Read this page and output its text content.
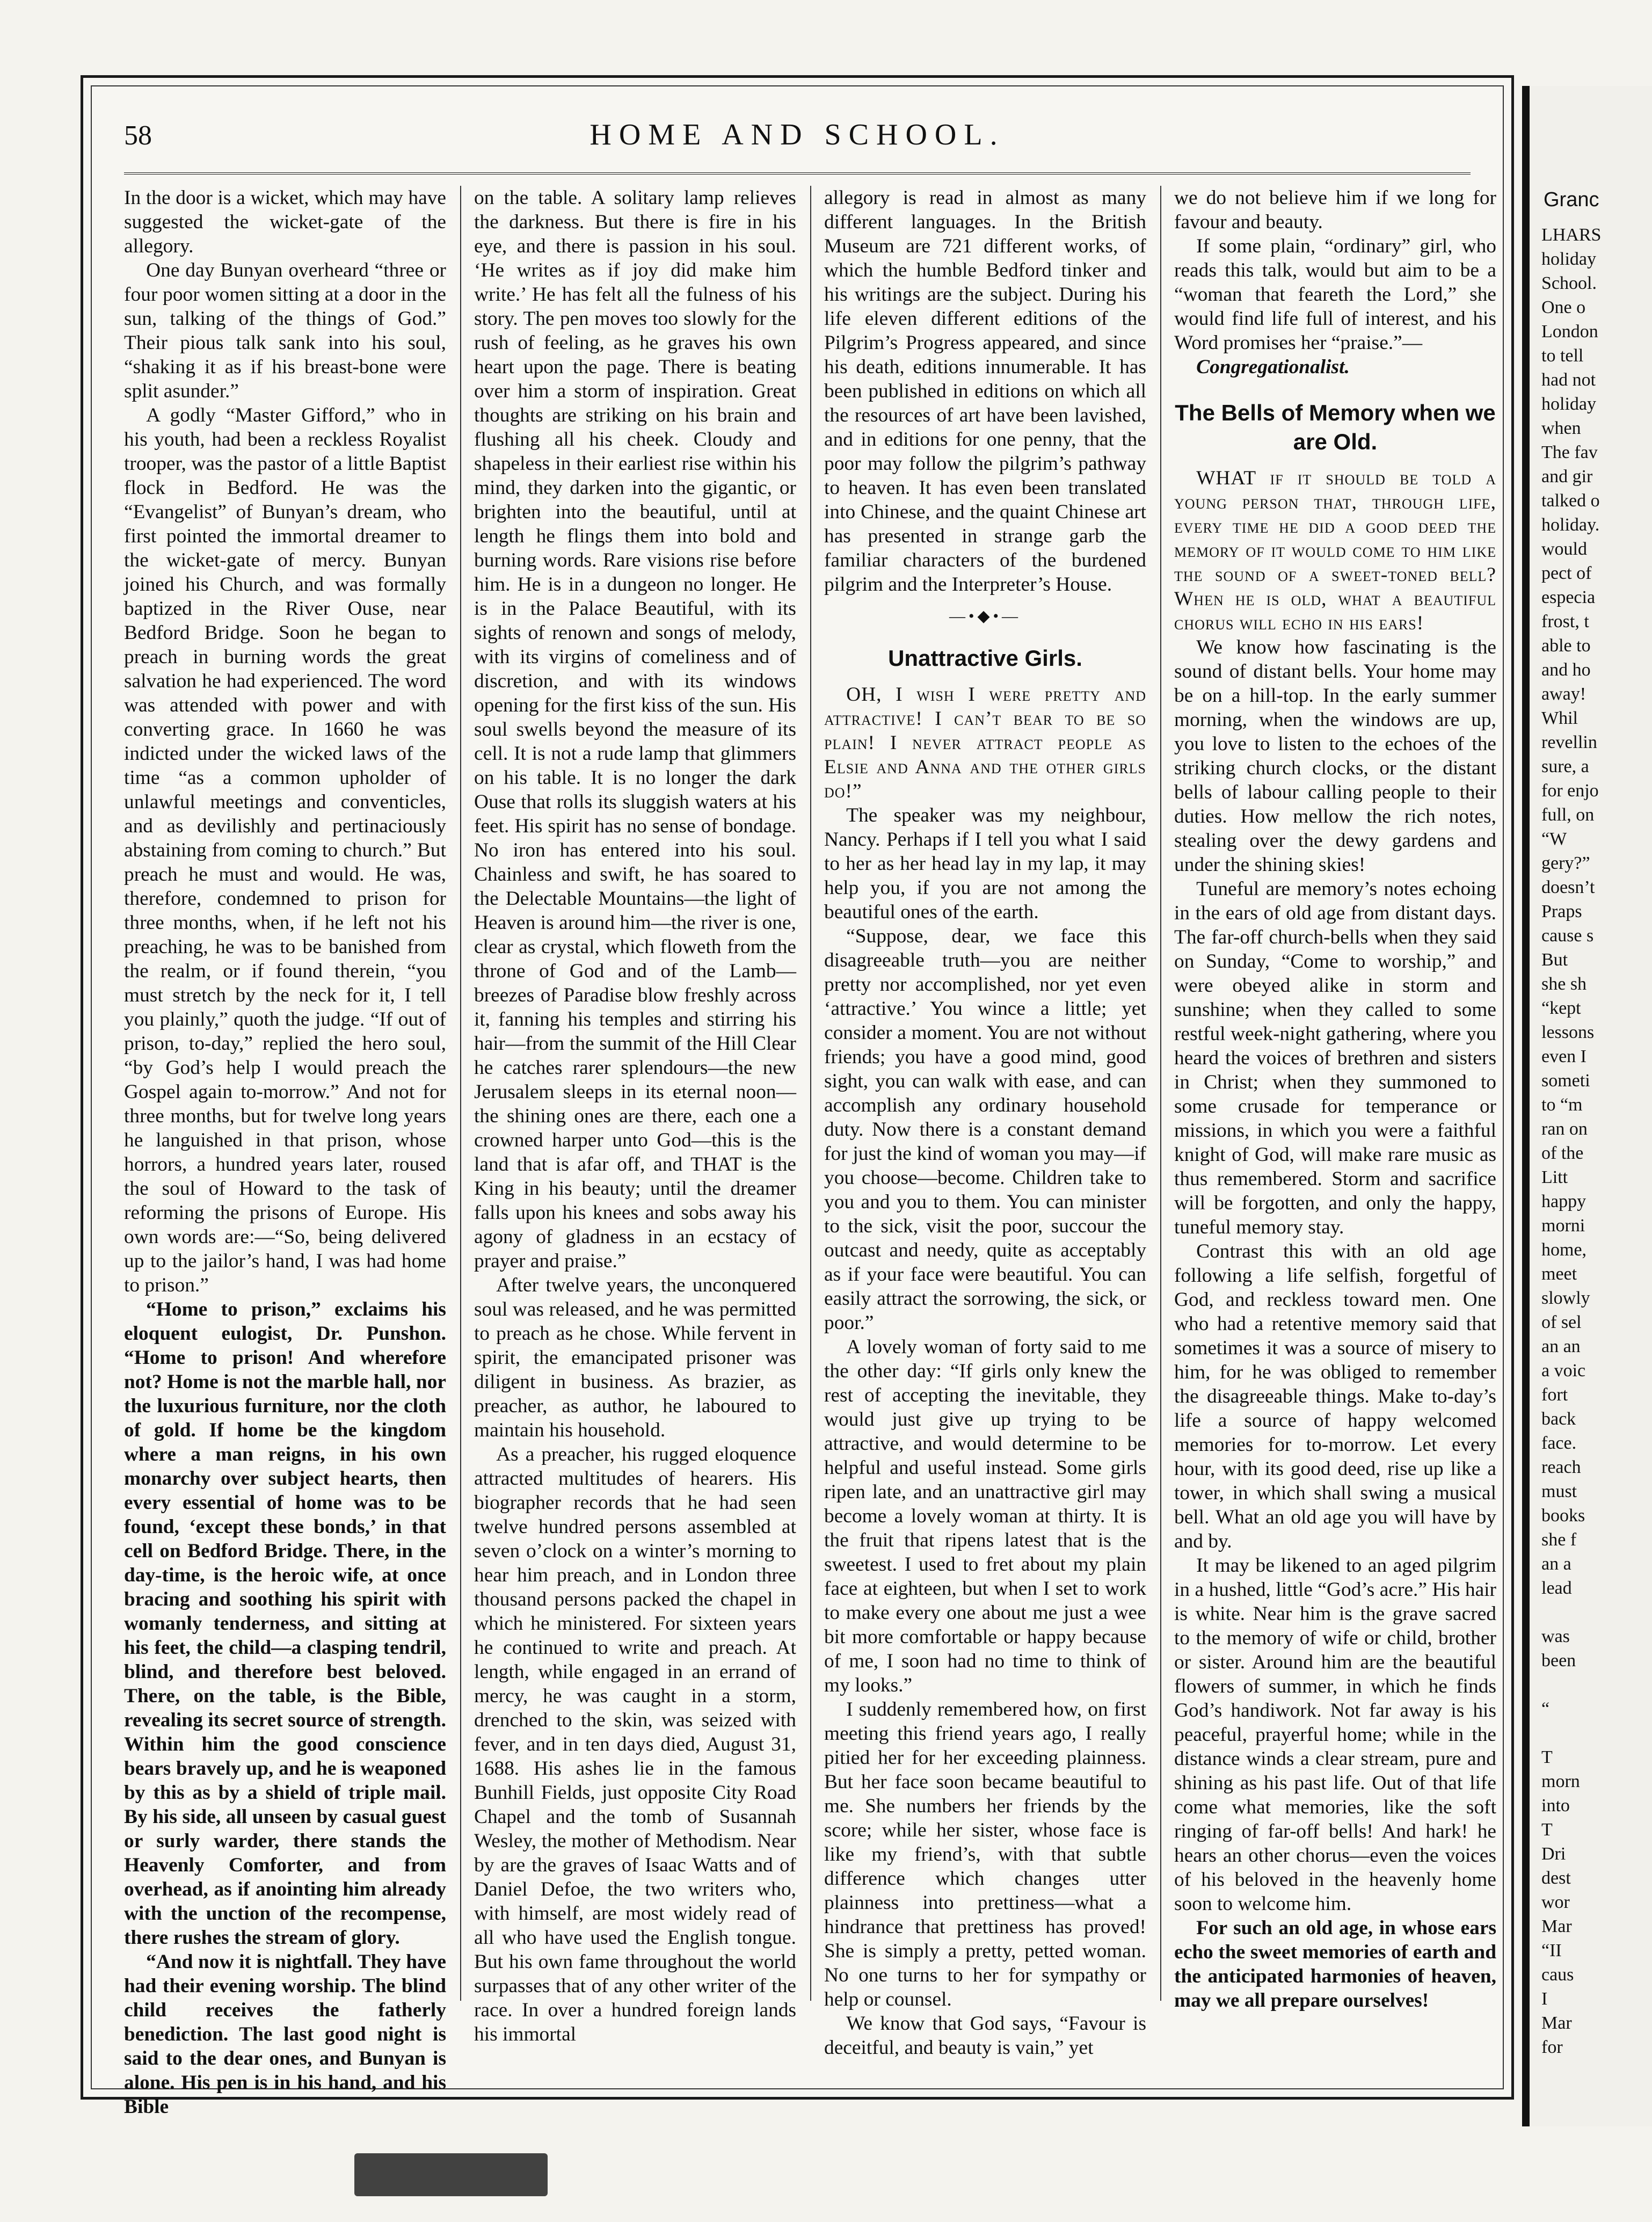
58	HOME AND SCHOOL.

In the door is a wicket, which may have suggested the wicket-gate of the allegory.

One day Bunyan overheard “three or four poor women sitting at a door in the sun, talking of the things of God.” Their pious talk sank into his soul, “shaking it as if his breast-bone were split asunder.”

A godly “Master Gifford,” who in his youth, had been a reckless Royalist trooper, was the pastor of a little Baptist flock in Bedford. He was the “Evangelist” of Bunyan’s dream, who first pointed the immortal dreamer to the wicket-gate of mercy. Bunyan joined his Church, and was formally baptized in the River Ouse, near Bedford Bridge. Soon he began to preach in burning words the great salvation he had experienced. The word was attended with power and with converting grace. In 1660 he was indicted under the wicked laws of the time “as a common upholder of unlawful meetings and conventicles, and as devilishly and pertinaciously abstaining from coming to church.” But preach he must and would. He was, therefore, condemned to prison for three months, when, if he left not his preaching, he was to be banished from the realm, or if found therein, “you must stretch by the neck for it, I tell you plainly,” quoth the judge. “If out of prison, to-day,” replied the hero soul, “by God’s help I would preach the Gospel again to-morrow.” And not for three months, but for twelve long years he languished in that prison, whose horrors, a hundred years later, roused the soul of Howard to the task of reforming the prisons of Europe. His own words are:—“So, being delivered up to the jailor’s hand, I was had home to prison.”

“Home to prison,” exclaims his eloquent eulogist, Dr. Punshon. “Home to prison! And wherefore not? Home is not the marble hall, nor the luxurious furniture, nor the cloth of gold. If home be the kingdom where a man reigns, in his own monarchy over subject hearts, then every essential of home was to be found, ‘except these bonds,’ in that cell on Bedford Bridge. There, in the day-time, is the heroic wife, at once bracing and soothing his spirit with womanly tenderness, and sitting at his feet, the child—a clasping tendril, blind, and therefore best beloved. There, on the table, is the Bible, revealing its secret source of strength. Within him the good conscience bears bravely up, and he is weaponed by this as by a shield of triple mail. By his side, all unseen by casual guest or surly warder, there stands the Heavenly Comforter, and from overhead, as if anointing him already with the unction of the recompense, there rushes the stream of glory.

“And now it is nightfall. They have had their evening worship. The blind child receives the fatherly benediction. The last good night is said to the dear ones, and Bunyan is alone. His pen is in his hand, and his Bible

on the table. A solitary lamp relieves the darkness. But there is fire in his eye, and there is passion in his soul. ‘He writes as if joy did make him write.’ He has felt all the fulness of his story. The pen moves too slowly for the rush of feeling, as he graves his own heart upon the page. There is beating over him a storm of inspiration. Great thoughts are striking on his brain and flushing all his cheek. Cloudy and shapeless in their earliest rise within his mind, they darken into the gigantic, or brighten into the beautiful, until at length he flings them into bold and burning words. Rare visions rise before him. He is in a dungeon no longer. He is in the Palace Beautiful, with its sights of renown and songs of melody, with its virgins of comeliness and of discretion, and with its windows opening for the first kiss of the sun. His soul swells beyond the measure of its cell. It is not a rude lamp that glimmers on his table. It is no longer the dark Ouse that rolls its sluggish waters at his feet. His spirit has no sense of bondage. No iron has entered into his soul. Chainless and swift, he has soared to the Delectable Mountains—the light of Heaven is around him—the river is one, clear as crystal, which floweth from the throne of God and of the Lamb—breezes of Paradise blow freshly across it, fanning his temples and stirring his hair—from the summit of the Hill Clear he catches rarer splendours—the new Jerusalem sleeps in its eternal noon—the shining ones are there, each one a crowned harper unto God—this is the land that is afar off, and THAT is the King in his beauty; until the dreamer falls upon his knees and sobs away his agony of gladness in an ecstacy of prayer and praise.”

After twelve years, the unconquered soul was released, and he was permitted to preach as he chose. While fervent in spirit, the emancipated prisoner was diligent in business. As brazier, as preacher, as author, he laboured to maintain his household.

As a preacher, his rugged eloquence attracted multitudes of hearers. His biographer records that he had seen twelve hundred persons assembled at seven o’clock on a winter’s morning to hear him preach, and in London three thousand persons packed the chapel in which he ministered. For sixteen years he continued to write and preach. At length, while engaged in an errand of mercy, he was caught in a storm, drenched to the skin, was seized with fever, and in ten days died, August 31, 1688. His ashes lie in the famous Bunhill Fields, just opposite City Road Chapel and the tomb of Susannah Wesley, the mother of Methodism. Near by are the graves of Isaac Watts and of Daniel Defoe, the two writers who, with himself, are most widely read of all who have used the English tongue. But his own fame throughout the world surpasses that of any other writer of the race. In over a hundred foreign lands his immortal

allegory is read in almost as many different languages. In the British Museum are 721 different works, of which the humble Bedford tinker and his writings are the subject. During his life eleven different editions of the Pilgrim’s Progress appeared, and since his death, editions innumerable. It has been published in editions on which all the resources of art have been lavished, and in editions for one penny, that the poor may follow the pilgrim’s pathway to heaven. It has even been translated into Chinese, and the quaint Chinese art has presented in strange garb the familiar characters of the burdened pilgrim and the Interpreter’s House.

—•◆•—
Unattractive Girls.

OH, I wish I were pretty and attractive! I can’t bear to be so plain! I never attract people as Elsie and Anna and the other girls do!”

The speaker was my neighbour, Nancy. Perhaps if I tell you what I said to her as her head lay in my lap, it may help you, if you are not among the beautiful ones of the earth.

“Suppose, dear, we face this disagreeable truth—you are neither pretty nor accomplished, nor yet even ‘attractive.’ You wince a little; yet consider a moment. You are not without friends; you have a good mind, good sight, you can walk with ease, and can accomplish any ordinary household duty. Now there is a constant demand for just the kind of woman you may—if you choose—become. Children take to you and you to them. You can minister to the sick, visit the poor, succour the outcast and needy, quite as acceptably as if your face were beautiful. You can easily attract the sorrowing, the sick, or poor.”

A lovely woman of forty said to me the other day: “If girls only knew the rest of accepting the inevitable, they would just give up trying to be attractive, and would determine to be helpful and useful instead. Some girls ripen late, and an unattractive girl may become a lovely woman at thirty. It is the fruit that ripens latest that is the sweetest. I used to fret about my plain face at eighteen, but when I set to work to make every one about me just a wee bit more comfortable or happy because of me, I soon had no time to think of my looks.”

I suddenly remembered how, on first meeting this friend years ago, I really pitied her for her exceeding plainness. But her face soon became beautiful to me. She numbers her friends by the score; while her sister, whose face is like my friend’s, with that subtle difference which changes utter plainness into prettiness—what a hindrance that prettiness has proved! She is simply a pretty, petted woman. No one turns to her for sympathy or help or counsel.

We know that God says, “Favour is deceitful, and beauty is vain,” yet

we do not believe him if we long for favour and beauty.

If some plain, “ordinary” girl, who reads this talk, would but aim to be a “woman that feareth the Lord,” she would find life full of interest, and his Word promises her “praise.”—

Congregationalist.

The Bells of Memory when we are Old.

WHAT if it should be told a young person that, through life, every time he did a good deed the memory of it would come to him like the sound of a sweet-toned bell? When he is old, what a beautiful chorus will echo in his ears!

We know how fascinating is the sound of distant bells. Your home may be on a hill-top. In the early summer morning, when the windows are up, you love to listen to the echoes of the striking church clocks, or the distant bells of labour calling people to their duties. How mellow the rich notes, stealing over the dewy gardens and under the shining skies!

Tuneful are memory’s notes echoing in the ears of old age from distant days. The far-off church-bells when they said on Sunday, “Come to worship,” and were obeyed alike in storm and sunshine; when they called to some restful week-night gathering, where you heard the voices of brethren and sisters in Christ; when they summoned to some crusade for temperance or missions, in which you were a faithful knight of God, will make rare music as thus remembered. Storm and sacrifice will be forgotten, and only the happy, tuneful memory stay.

Contrast this with an old age following a life selfish, forgetful of God, and reckless toward men. One who had a retentive memory said that sometimes it was a source of misery to him, for he was obliged to remember the disagreeable things. Make to-day’s life a source of happy welcomed memories for to-morrow. Let every hour, with its good deed, rise up like a tower, in which shall swing a musical bell. What an old age you will have by and by.

It may be likened to an aged pilgrim in a hushed, little “God’s acre.” His hair is white. Near him is the grave sacred to the memory of wife or child, brother or sister. Around him are the beautiful flowers of summer, in which he finds God’s handiwork. Not far away is his peaceful, prayerful home; while in the distance winds a clear stream, pure and shining as his past life. Out of that life come what memories, like the soft ringing of far-off bells! And hark! he hears an other chorus—even the voices of his beloved in the heavenly home soon to welcome him.

For such an old age, in whose ears echo the sweet memories of earth and the anticipated harmonies of heaven, may we all prepare ourselves!

Granc
LHARS
holiday
School.
One o
London
to tell
had not
holiday
when
The fav
and gir
talked o
holiday.
would
pect of
especia
frost, t
able to
and ho
away!
Whil
revellin
sure, a
for enjo
full, on
“W
gery?”
doesn’t
Praps
cause s
But
she sh
“kept
lessons
even I
someti
to “m
ran on
of the
Litt
happy
morni
home,
meet
slowly
of sel
an an
a voic
fort
back
face.
reach
must
books
she f
an a
lead

was
been

“

T
morn
into
T
Dri
dest
wor
Mar
“II
caus
I
Mar
for
